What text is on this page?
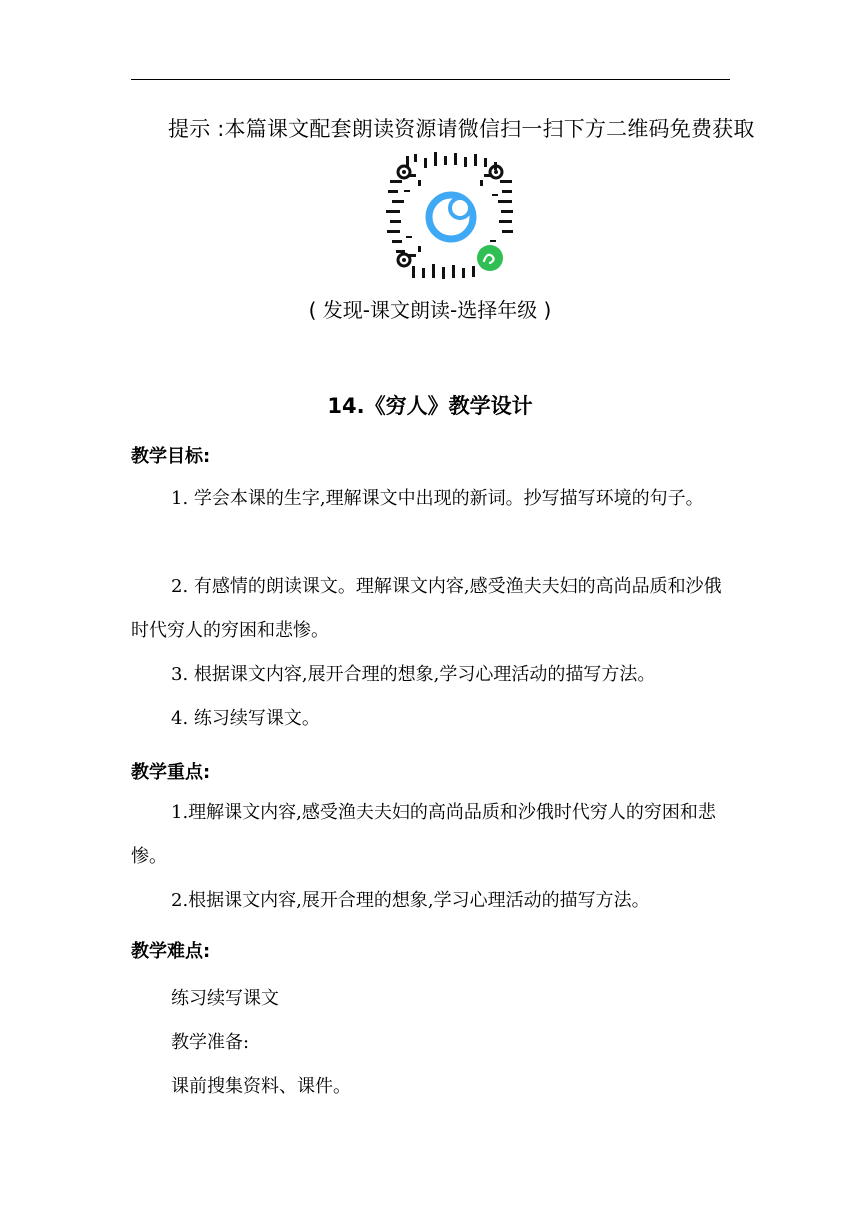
提示 :本篇课文配套朗读资源请微信扫一扫下方二维码免费获取
( 发现-课文朗读-选择年级 )
14.《穷人》教学设计
教学目标:

1. 学会本课的生字,理解课文中出现的新词。抄写描写环境的句子。

2. 有感情的朗读课文。理解课文内容,感受渔夫夫妇的高尚品质和沙俄时代穷人的穷困和悲惨。

3. 根据课文内容,展开合理的想象,学习心理活动的描写方法。

4. 练习续写课文。

教学重点:

1.理解课文内容,感受渔夫夫妇的高尚品质和沙俄时代穷人的穷困和悲惨。

2.根据课文内容,展开合理的想象,学习心理活动的描写方法。

教学难点:
练习续写课文
教学准备:
课前搜集资料、课件。
